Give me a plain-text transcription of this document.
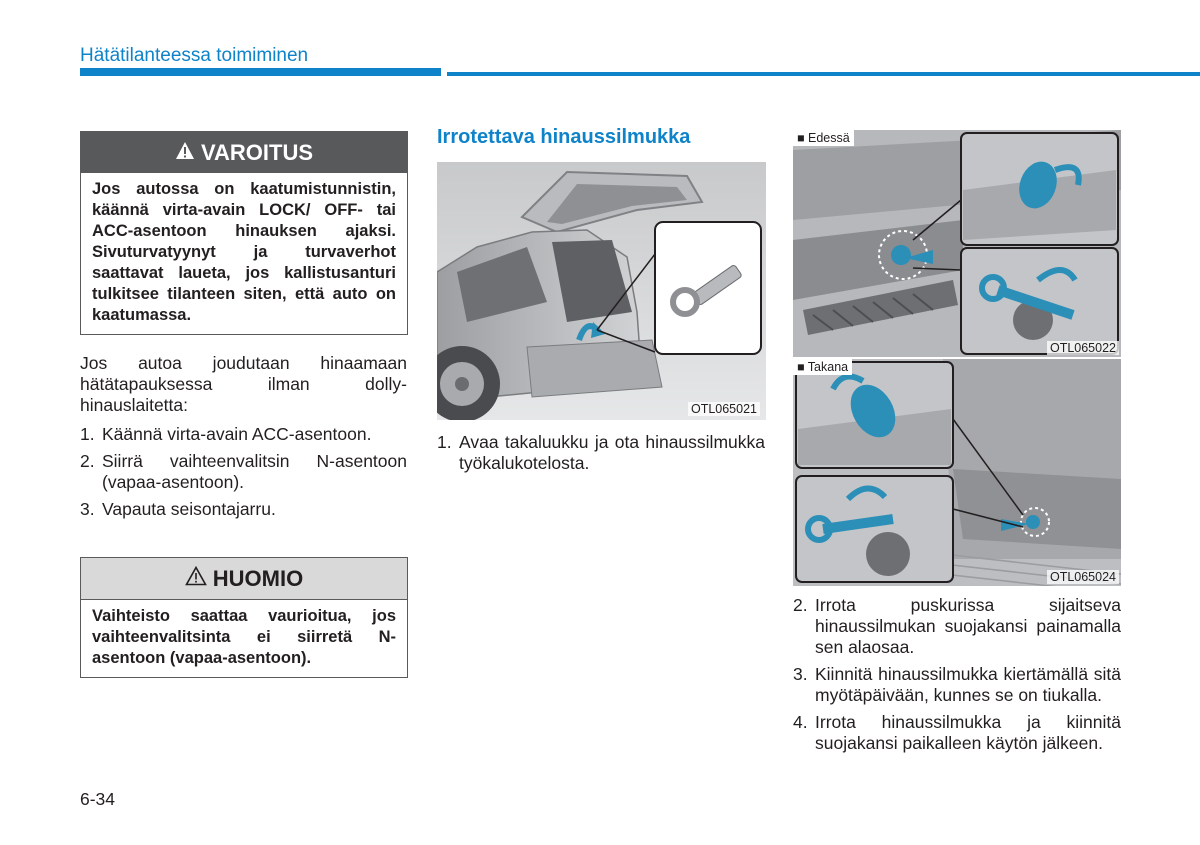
Hätätilanteessa toimiminen
VAROITUS
Jos autossa on kaatumistunnistin, käännä virta-avain LOCK/ OFF- tai ACC-asentoon hinauksen ajaksi. Sivuturvatyynyt ja turvaverhot saattavat laueta, jos kallistusanturi tulkitsee tilanteen siten, että auto on kaatumassa.
Jos autoa joudutaan hinaamaan hätätapauksessa ilman dolly-hinauslaitetta:
1. Käännä virta-avain ACC-asentoon.
2. Siirrä vaihteenvalitsin N-asentoon (vapaa-asentoon).
3. Vapauta seisontajarru.
HUOMIO
Vaihteisto saattaa vaurioitua, jos vaihteenvalitsinta ei siirretä N-asentoon (vapaa-asentoon).
Irrotettava hinaussilmukka
OTL065021
1. Avaa takaluukku ja ota hinaussilmukka työkalukotelosta.
■ Edessä
OTL065022
■ Takana
OTL065024
2. Irrota puskurissa sijaitseva hinaussilmukan suojakansi painamalla sen alaosaa.
3. Kiinnitä hinaussilmukka kiertämällä sitä myötäpäivään, kunnes se on tiukalla.
4. Irrota hinaussilmukka ja kiinnitä suojakansi paikalleen käytön jälkeen.
6-34
